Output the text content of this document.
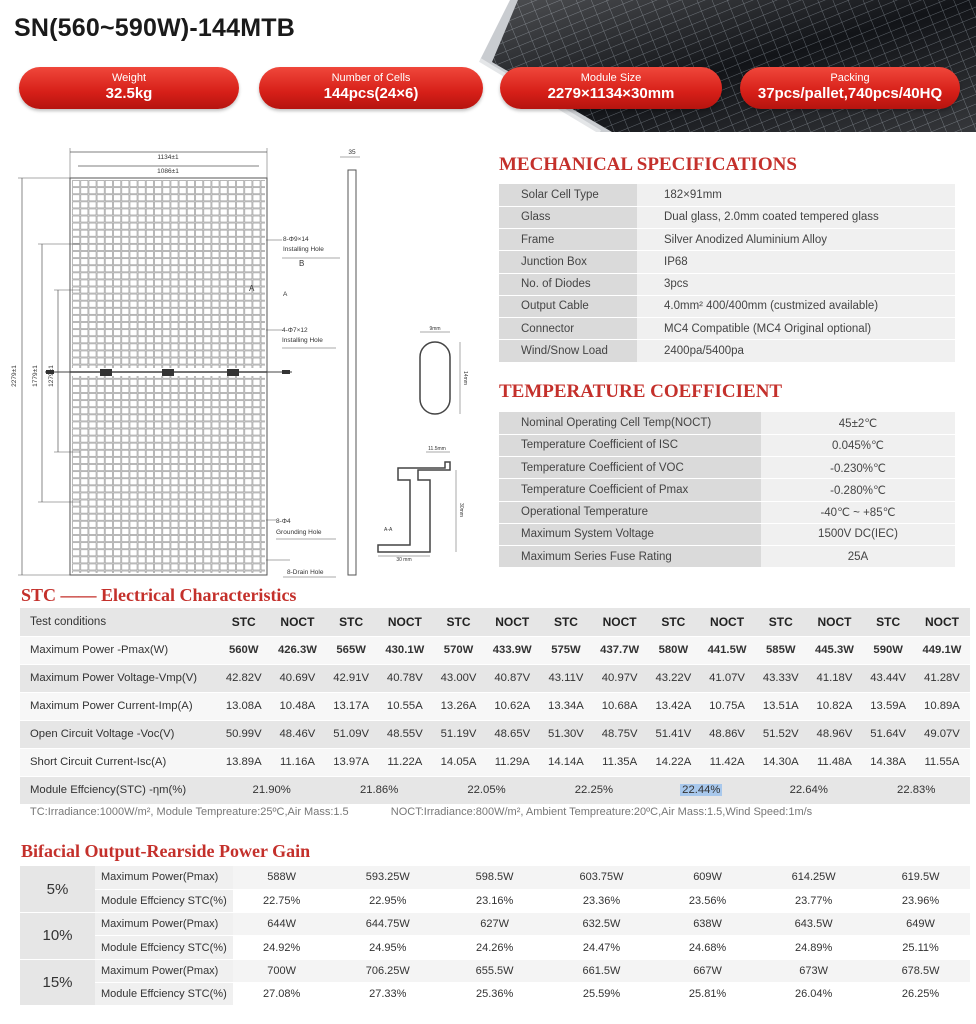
SN(560~590W)-144MTB
Weight
32.5kg
Number of Cells
144pcs(24×6)
Module Size
2279×1134×30mm
Packing
37pcs/pallet,740pcs/40HQ
1134±1
1086±1
2279±1 1779±1 1279±1
8-Φ9×14
Installing Hole
B
A
A
4-Φ7×12
Installing Hole
8-Φ4
Grounding Hole
8-Drain Hole
35
9mm
14mm
11.5mm
30mm
A-A
30 mm
MECHANICAL SPECIFICATIONS
Solar Cell Type	182×91mm
Glass	Dual glass, 2.0mm coated tempered glass
Frame	Silver Anodized Aluminium Alloy
Junction Box	IP68
No. of Diodes	3pcs
Output Cable	4.0mm² 400/400mm (custmized available)
Connector	MC4 Compatible (MC4 Original optional)
Wind/Snow Load	2400pa/5400pa
TEMPERATURE COEFFICIENT
Nominal Operating Cell Temp(NOCT)	45±2℃
Temperature Coefficient of ISC	0.045%℃
Temperature Coefficient of VOC	-0.230%℃
Temperature Coefficient of Pmax	-0.280%℃
Operational Temperature	-40℃ ~ +85℃
Maximum System Voltage	1500V DC(IEC)
Maximum Series Fuse Rating	25A
STC —— Electrical Characteristics
Test conditions	STC	NOCT	STC	NOCT	STC	NOCT	STC	NOCT	STC	NOCT	STC	NOCT	STC	NOCT
Maximum Power -Pmax(W)	560W	426.3W	565W	430.1W	570W	433.9W	575W	437.7W	580W	441.5W	585W	445.3W	590W	449.1W
Maximum Power Voltage-Vmp(V)	42.82V	40.69V	42.91V	40.78V	43.00V	40.87V	43.11V	40.97V	43.22V	41.07V	43.33V	41.18V	43.44V	41.28V
Maximum Power Current-Imp(A)	13.08A	10.48A	13.17A	10.55A	13.26A	10.62A	13.34A	10.68A	13.42A	10.75A	13.51A	10.82A	13.59A	10.89A
Open Circuit Voltage -Voc(V)	50.99V	48.46V	51.09V	48.55V	51.19V	48.65V	51.30V	48.75V	51.41V	48.86V	51.52V	48.96V	51.64V	49.07V
Short Circuit Current-Isc(A)	13.89A	11.16A	13.97A	11.22A	14.05A	11.29A	14.14A	11.35A	14.22A	11.42A	14.30A	11.48A	14.38A	11.55A
Module Effciency(STC) -ηm(%)	21.90%		21.86%		22.05%		22.25%		22.44%		22.64%		22.83%	
TC:Irradiance:1000W/m², Module Tempreature:25ºC,Air Mass:1.5	NOCT:Irradiance:800W/m², Ambient Tempreature:20ºC,Air Mass:1.5,Wind Speed:1m/s
Bifacial Output-Rearside Power Gain
5%	Maximum Power(Pmax)	588W	593.25W	598.5W	603.75W	609W	614.25W	619.5W
	Module Effciency STC(%)	22.75%	22.95%	23.16%	23.36%	23.56%	23.77%	23.96%
10%	Maximum Power(Pmax)	644W	644.75W	627W	632.5W	638W	643.5W	649W
	Module Effciency STC(%)	24.92%	24.95%	24.26%	24.47%	24.68%	24.89%	25.11%
15%	Maximum Power(Pmax)	700W	706.25W	655.5W	661.5W	667W	673W	678.5W
	Module Effciency STC(%)	27.08%	27.33%	25.36%	25.59%	25.81%	26.04%	26.25%
